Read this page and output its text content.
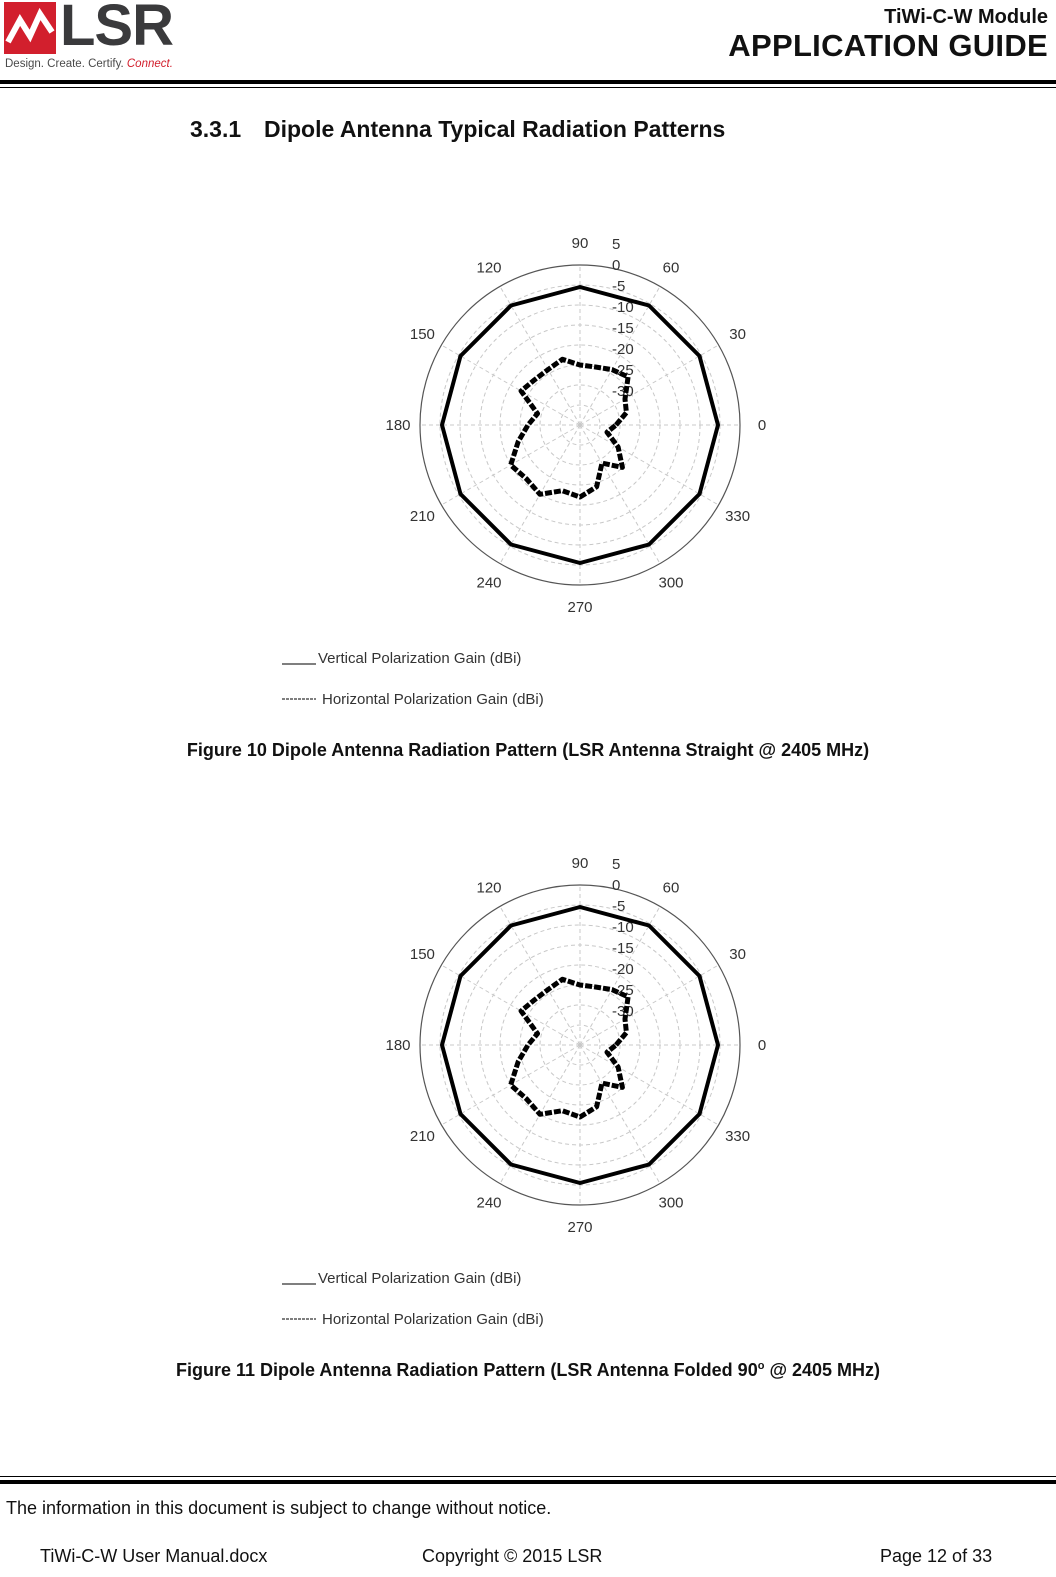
LSR
Design. Create. Certify. Connect.
TiWi-C-W Module
APPLICATION GUIDE
3.3.1 Dipole Antenna Typical Radiation Patterns
0
30
60
90
120
150
180
210
240
270
300
330
5
0
-5
-10
-15
-20
-25
-30
Vertical Polarization Gain (dBi)
Horizontal Polarization Gain (dBi)
Figure 10 Dipole Antenna Radiation Pattern (LSR Antenna Straight @ 2405 MHz)
0
30
60
90
120
150
180
210
240
270
300
330
5
0
-5
-10
-15
-20
-25
-30
Vertical Polarization Gain (dBi)
Horizontal Polarization Gain (dBi)
Figure 11 Dipole Antenna Radiation Pattern (LSR Antenna Folded 90$^o$ @ 2405 MHz)
The information in this document is subject to change without notice.
TiWi-C-W User Manual.docx	Copyright © 2015 LSR	Page 12 of 33
